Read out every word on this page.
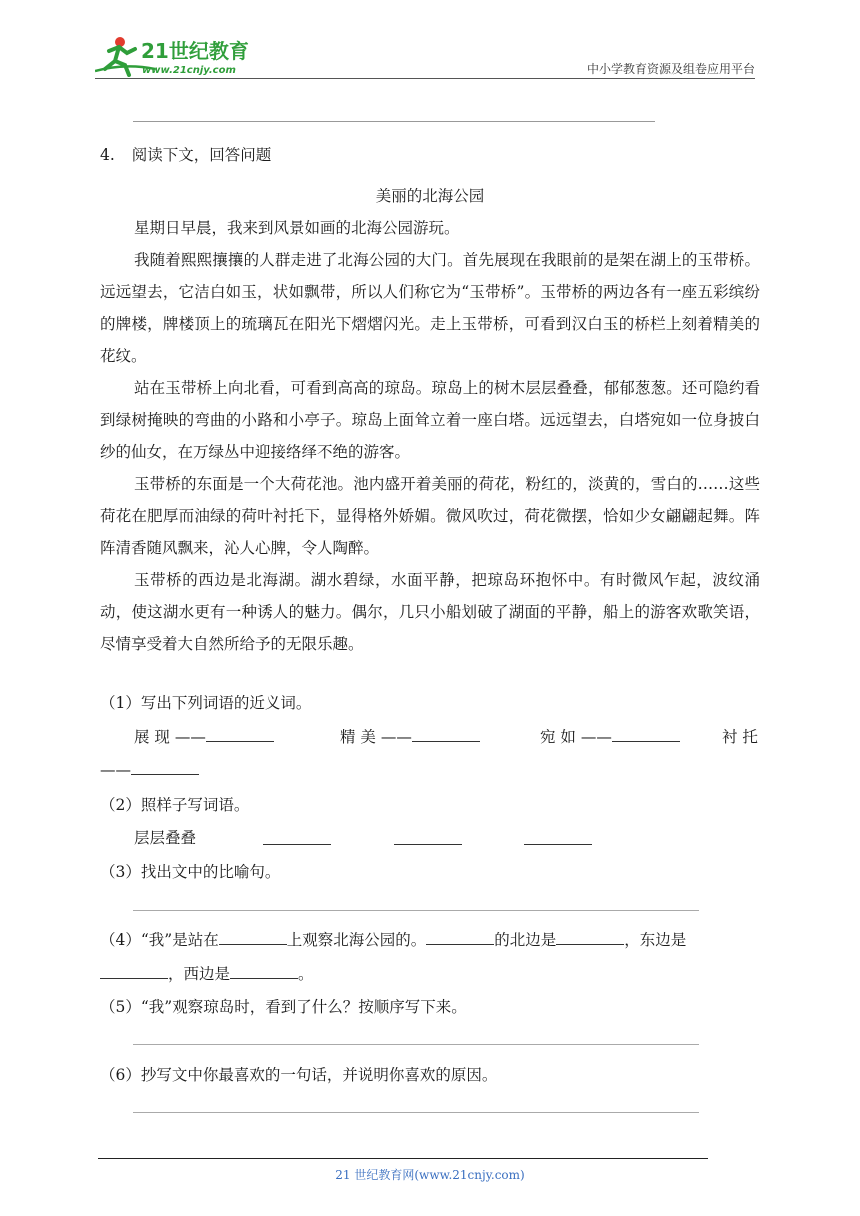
21世纪教育
www.21cnjy.com	中小学教育资源及组卷应用平台
4. 阅读下文，回答问题
美丽的北海公园

星期日早晨，我来到风景如画的北海公园游玩。

我随着熙熙攘攘的人群走进了北海公园的大门。首先展现在我眼前的是架在湖上的玉带桥。远远望去，它洁白如玉，状如飘带，所以人们称它为“玉带桥”。玉带桥的两边各有一座五彩缤纷的牌楼，牌楼顶上的琉璃瓦在阳光下熠熠闪光。走上玉带桥，可看到汉白玉的桥栏上刻着精美的花纹。

站在玉带桥上向北看，可看到高高的琼岛。琼岛上的树木层层叠叠，郁郁葱葱。还可隐约看到绿树掩映的弯曲的小路和小亭子。琼岛上面耸立着一座白塔。远远望去，白塔宛如一位身披白纱的仙女，在万绿丛中迎接络绎不绝的游客。

玉带桥的东面是一个大荷花池。池内盛开着美丽的荷花，粉红的，淡黄的，雪白的……这些荷花在肥厚而油绿的荷叶衬托下，显得格外娇媚。微风吹过，荷花微摆，恰如少女翩翩起舞。阵阵清香随风飘来，沁人心脾，令人陶醉。

玉带桥的西边是北海湖。湖水碧绿，水面平静，把琼岛环抱怀中。有时微风乍起，波纹涌动，使这湖水更有一种诱人的魅力。偶尔，几只小船划破了湖面的平静，船上的游客欢歌笑语，尽情享受着大自然所给予的无限乐趣。

（1）写出下列词语的近义词。
展 现 ——	精 美 ——	宛 如 ——	衬 托
——
（2）照样子写词语。
层层叠叠
（3）找出文中的比喻句。
（4）“我”是站在	上观察北海公园的。	的北边是	，东边是
，西边是	。
（5）“我”观察琼岛时，看到了什么？按顺序写下来。
（6）抄写文中你最喜欢的一句话，并说明你喜欢的原因。
21 世纪教育网(www.21cnjy.com)
